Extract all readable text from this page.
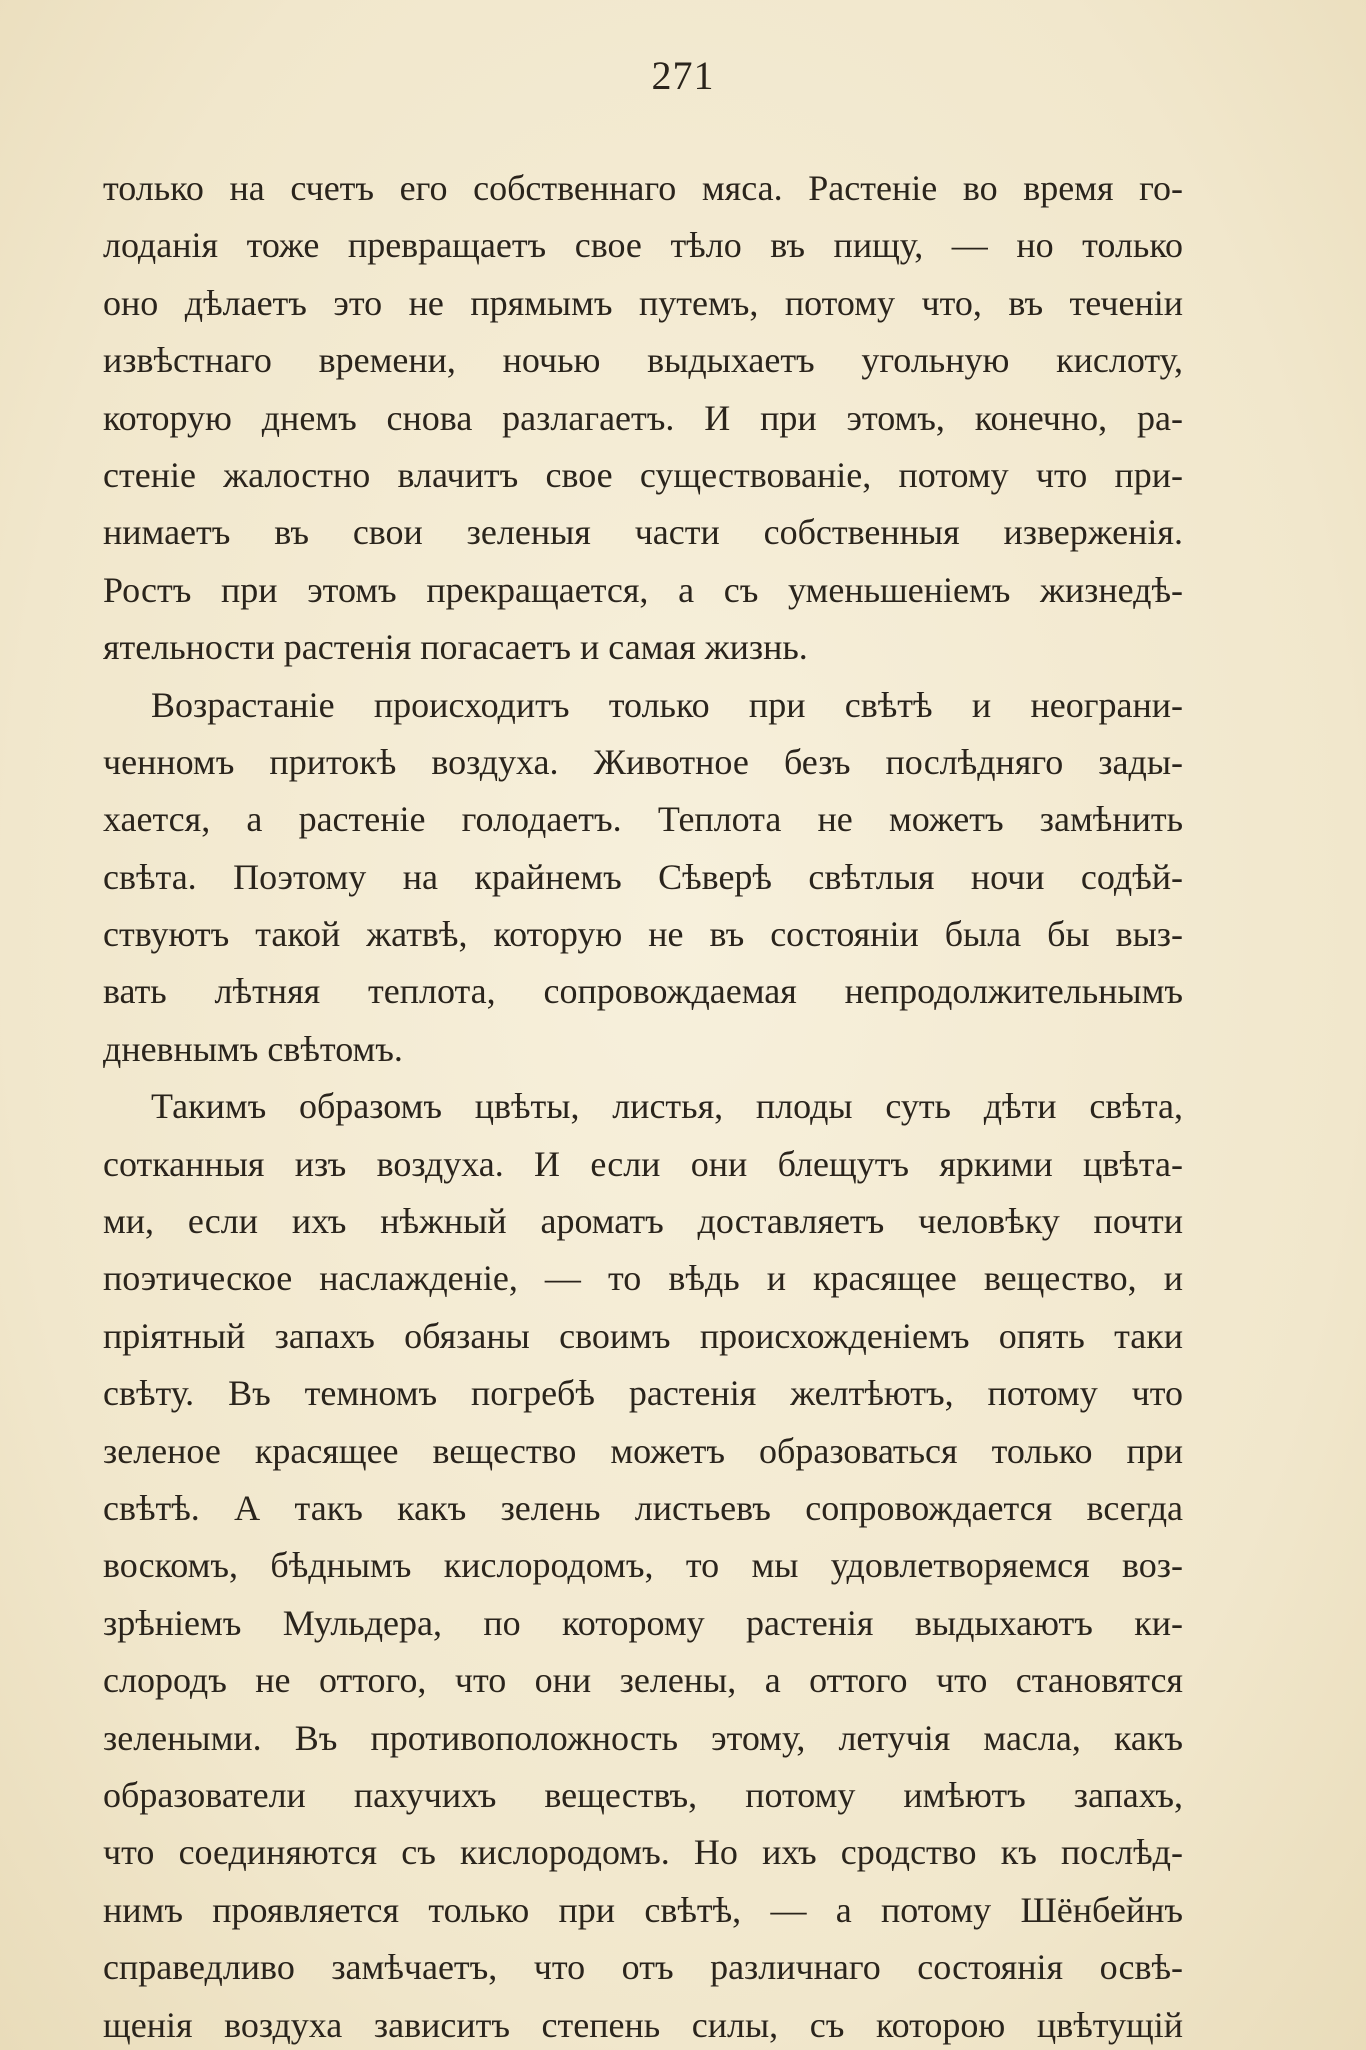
271
только на счетъ его собственнаго мяса. Растеніе во время го-
лоданія тоже превращаетъ свое тѣло въ пищу, — но только
оно дѣлаетъ это не прямымъ путемъ, потому что, въ теченіи
извѣстнаго времени, ночью выдыхаетъ угольную кислоту,
которую днемъ снова разлагаетъ. И при этомъ, конечно, ра-
стеніе жалостно влачитъ свое существованіе, потому что при-
нимаетъ въ свои зеленыя части собственныя изверженія.
Ростъ при этомъ прекращается, а съ уменьшеніемъ жизнедѣ-
ятельности растенія погасаетъ и самая жизнь.
Возрастаніе происходитъ только при свѣтѣ и неограни-
ченномъ притокѣ воздуха. Животное безъ послѣдняго зады-
хается, а растеніе голодаетъ. Теплота не можетъ замѣнить
свѣта. Поэтому на крайнемъ Сѣверѣ свѣтлыя ночи содѣй-
ствуютъ такой жатвѣ, которую не въ состояніи была бы выз-
вать лѣтняя теплота, сопровождаемая непродолжительнымъ
дневнымъ свѣтомъ.
Такимъ образомъ цвѣты, листья, плоды суть дѣти свѣта,
сотканныя изъ воздуха. И если они блещутъ яркими цвѣта-
ми, если ихъ нѣжный ароматъ доставляетъ человѣку почти
поэтическое наслажденіе, — то вѣдь и красящее вещество, и
пріятный запахъ обязаны своимъ происхожденіемъ опять таки
свѣту. Въ темномъ погребѣ растенія желтѣютъ, потому что
зеленое красящее вещество можетъ образоваться только при
свѣтѣ. А такъ какъ зелень листьевъ сопровождается всегда
воскомъ, бѣднымъ кислородомъ, то мы удовлетворяемся воз-
зрѣніемъ Мульдера, по которому растенія выдыхаютъ ки-
слородъ не оттого, что они зелены, а оттого что становятся
зелеными. Въ противоположность этому, летучія масла, какъ
образователи пахучихъ веществъ, потому имѣютъ запахъ,
что соединяются съ кислородомъ. Но ихъ сродство къ послѣд-
нимъ проявляется только при свѣтѣ, — а потому Шёнбейнъ
справедливо замѣчаетъ, что отъ различнаго состоянія освѣ-
щенія воздуха зависитъ степень силы, съ которою цвѣтущій
